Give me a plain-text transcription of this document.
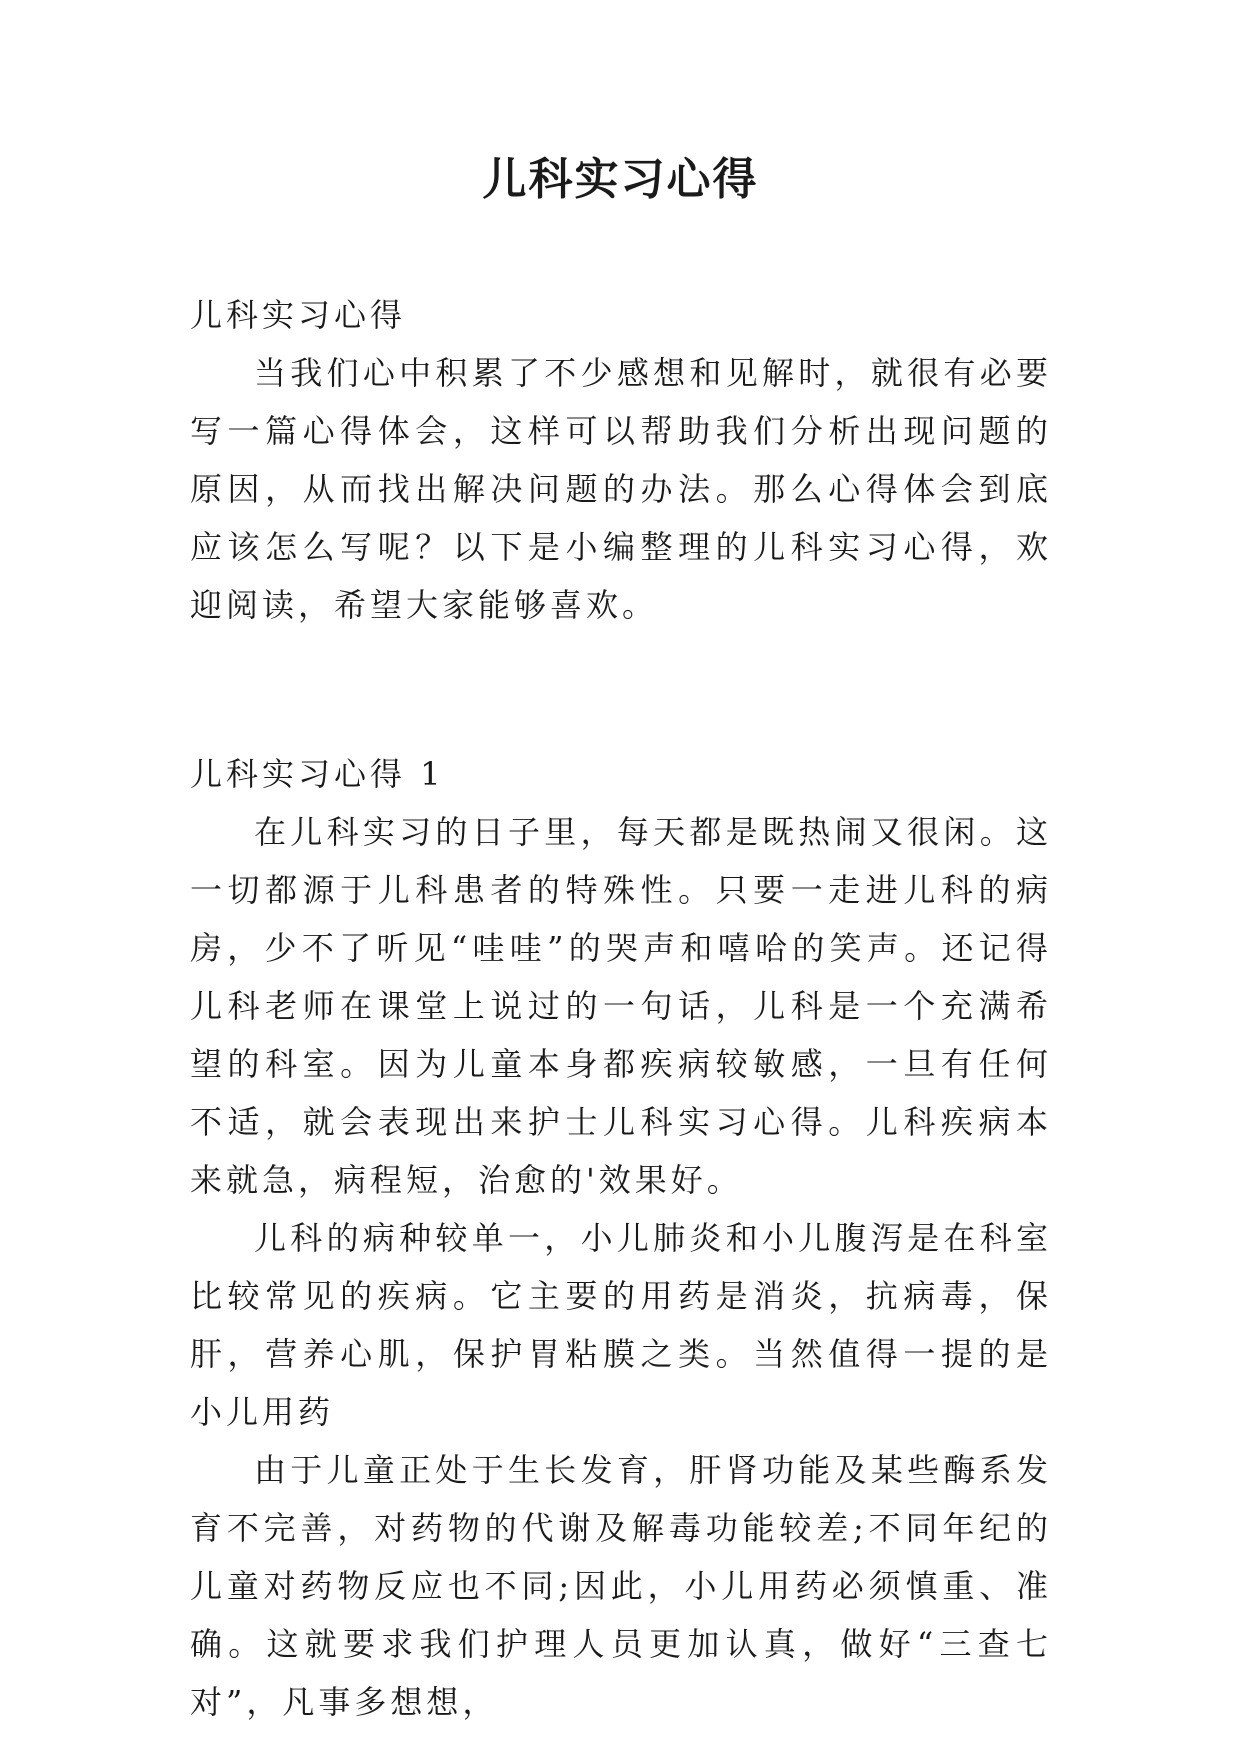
儿科实习心得

儿科实习心得

当我们心中积累了不少感想和见解时，就很有必要写一篇心得体会，这样可以帮助我们分析出现问题的原因，从而找出解决问题的办法。那么心得体会到底应该怎么写呢？以下是小编整理的儿科实习心得，欢迎阅读，希望大家能够喜欢。

儿科实习心得 1

在儿科实习的日子里，每天都是既热闹又很闲。这一切都源于儿科患者的特殊性。只要一走进儿科的病房，少不了听见“哇哇”的哭声和嘻哈的笑声。还记得儿科老师在课堂上说过的一句话，儿科是一个充满希望的科室。因为儿童本身都疾病较敏感，一旦有任何不适，就会表现出来护士儿科实习心得。儿科疾病本来就急，病程短，治愈的'效果好。

儿科的病种较单一，小儿肺炎和小儿腹泻是在科室比较常见的疾病。它主要的用药是消炎，抗病毒，保肝，营养心肌，保护胃粘膜之类。当然值得一提的是小儿用药

由于儿童正处于生长发育，肝肾功能及某些酶系发育不完善，对药物的代谢及解毒功能较差;不同年纪的儿童对药物反应也不同;因此，小儿用药必须慎重、准确。这就要求我们护理人员更加认真，做好“三查七对”，凡事多想想，
